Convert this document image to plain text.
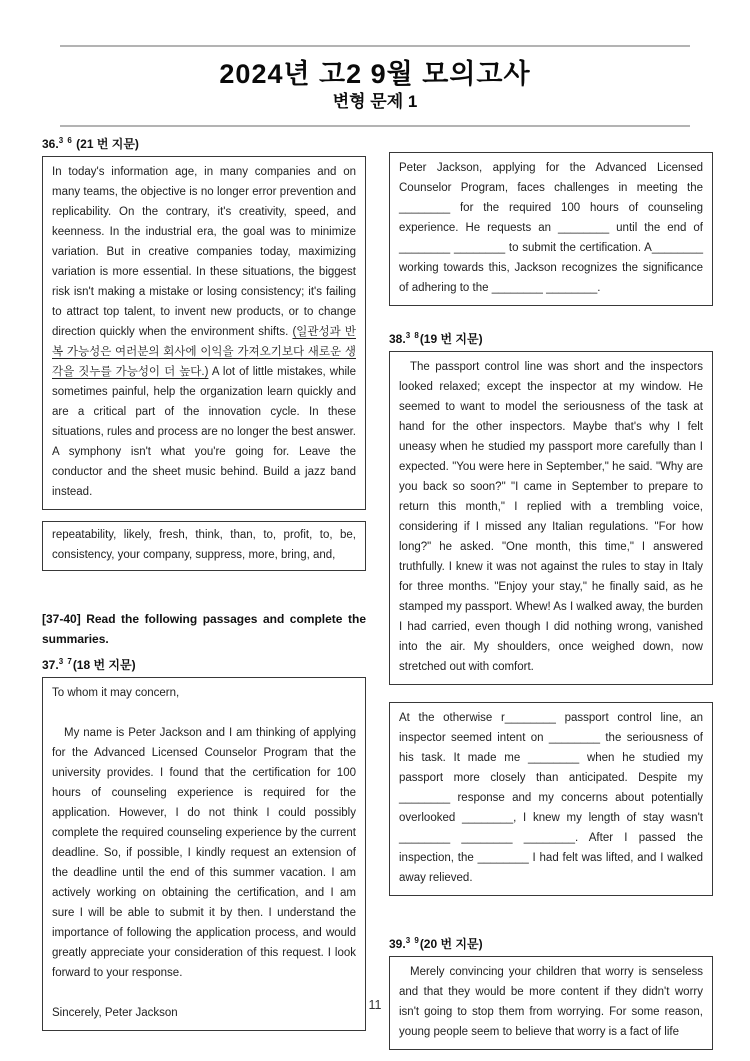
2024년 고2 9월 모의고사
변형 문제 1
36.$^{3 6}$ (21 번 지문)

In today's information age, in many companies and on many teams, the objective is no longer error prevention and replicability. On the contrary, it's creativity, speed, and keenness. In the industrial era, the goal was to minimize variation. But in creative companies today, maximizing variation is more essential. In these situations, the biggest risk isn't making a mistake or losing consistency; it's failing to attract top talent, to invent new products, or to change direction quickly when the environment shifts. (일관성과 반복 가능성은 여러분의 회사에 이익을 가져오기보다 새로운 생각을 짓누를 가능성이 더 높다.) A lot of little mistakes, while sometimes painful, help the organization learn quickly and are a critical part of the innovation cycle. In these situations, rules and process are no longer the best answer. A symphony isn't what you're going for. Leave the conductor and the sheet music behind. Build a jazz band instead.

repeatability, likely, fresh, think, than, to, profit, to, be, consistency, your company, suppress, more, bring, and,

[37-40] Read the following passages and complete the summaries.
37.$^{3 7}$(18 번 지문)

To whom it may concern,

My name is Peter Jackson and I am thinking of applying for the Advanced Licensed Counselor Program that the university provides. I found that the certification for 100 hours of counseling experience is required for the application. However, I do not think I could possibly complete the required counseling experience by the current deadline. So, if possible, I kindly request an extension of the deadline until the end of this summer vacation. I am actively working on obtaining the certification, and I am sure I will be able to submit it by then. I understand the importance of following the application process, and would greatly appreciate your consideration of this request. I look forward to your response.

Sincerely, Peter Jackson

Peter Jackson, applying for the Advanced Licensed Counselor Program, faces challenges in meeting the ________ for the required 100 hours of counseling experience. He requests an ________ until the end of ________ ________ to submit the certification. A________ working towards this, Jackson recognizes the significance of adhering to the ________ ________.

38.$^{3 8}$(19 번 지문)

The passport control line was short and the inspectors looked relaxed; except the inspector at my window. He seemed to want to model the seriousness of the task at hand for the other inspectors. Maybe that's why I felt uneasy when he studied my passport more carefully than I expected. "You were here in September," he said. "Why are you back so soon?" "I came in September to prepare to return this month," I replied with a trembling voice, considering if I missed any Italian regulations. "For how long?" he asked. "One month, this time," I answered truthfully. I knew it was not against the rules to stay in Italy for three months. "Enjoy your stay," he finally said, as he stamped my passport. Whew! As I walked away, the burden I had carried, even though I did nothing wrong, vanished into the air. My shoulders, once weighed down, now stretched out with comfort.

At the otherwise r________ passport control line, an inspector seemed intent on ________ the seriousness of his task. It made me ________ when he studied my passport more closely than anticipated. Despite my ________ response and my concerns about potentially overlooked ________, I knew my length of stay wasn't ________ ________ ________. After I passed the inspection, the ________ I had felt was lifted, and I walked away relieved.

39.$^{3 9}$(20 번 지문)

Merely convincing your children that worry is senseless and that they would be more content if they didn't worry isn't going to stop them from worrying. For some reason, young people seem to believe that worry is a fact of life

11
